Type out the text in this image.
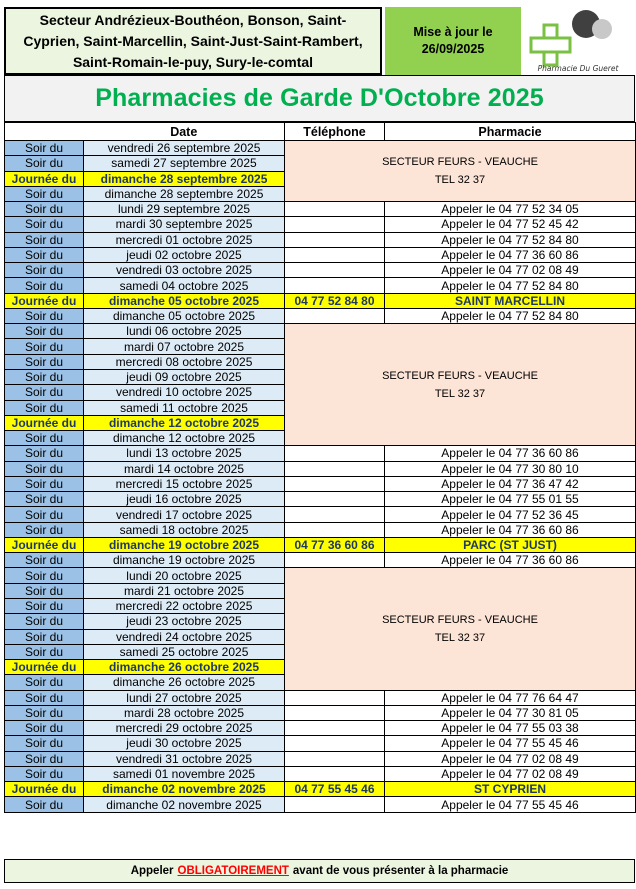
Secteur Andrézieux-Bouthéon, Bonson, Saint-
Cyprien, Saint-Marcellin, Saint-Just-Saint-Rambert,
Saint-Romain-le-puy, Sury-le-comtal
Mise à jour le
26/09/2025
Pharmacie Du Gueret
Pharmacies de Garde D'Octobre 2025
	Date	Téléphone	Pharmacie
Soir du	vendredi 26 septembre 2025	SECTEUR FEURS - VEAUCHE
TEL 32 37	

Soir du	samedi 27 septembre 2025		
Journée du	dimanche 28 septembre 2025		
Soir du	dimanche 28 septembre 2025		
Soir du	lundi 29 septembre 2025		Appeler le 04 77 52 34 05
Soir du	mardi 30 septembre 2025		Appeler le 04 77 52 45 42
Soir du	mercredi 01 octobre 2025		Appeler le 04 77 52 84 80
Soir du	jeudi 02 octobre 2025		Appeler le 04 77 36 60 86
Soir du	vendredi 03 octobre 2025		Appeler le 04 77 02 08 49
Soir du	samedi 04 octobre 2025		Appeler le 04 77 52 84 80
Journée du	dimanche 05 octobre 2025	04 77 52 84 80	SAINT MARCELLIN
Soir du	dimanche 05 octobre 2025		Appeler le 04 77 52 84 80
Soir du	lundi 06 octobre 2025	SECTEUR FEURS - VEAUCHE
TEL 32 37	

Soir du	mardi 07 octobre 2025		
Soir du	mercredi 08 octobre 2025		
Soir du	jeudi 09 octobre 2025		
Soir du	vendredi 10 octobre 2025		
Soir du	samedi 11 octobre 2025		
Journée du	dimanche 12 octobre 2025		
Soir du	dimanche 12 octobre 2025		
Soir du	lundi 13 octobre 2025		Appeler le 04 77 36 60 86
Soir du	mardi 14 octobre 2025		Appeler le 04 77 30 80 10
Soir du	mercredi 15 octobre 2025		Appeler le 04 77 36 47 42
Soir du	jeudi 16 octobre 2025		Appeler le 04 77 55 01 55
Soir du	vendredi 17 octobre 2025		Appeler le 04 77 52 36 45
Soir du	samedi 18 octobre 2025		Appeler le 04 77 36 60 86
Journée du	dimanche 19 octobre 2025	04 77 36 60 86	PARC (ST JUST)
Soir du	dimanche 19 octobre 2025		Appeler le 04 77 36 60 86
Soir du	lundi 20 octobre 2025	SECTEUR FEURS - VEAUCHE
TEL 32 37	

Soir du	mardi 21 octobre 2025		
Soir du	mercredi 22 octobre 2025		
Soir du	jeudi 23 octobre 2025		
Soir du	vendredi 24 octobre 2025		
Soir du	samedi 25 octobre 2025		
Journée du	dimanche 26 octobre 2025		
Soir du	dimanche 26 octobre 2025		
Soir du	lundi 27 octobre 2025		Appeler le 04 77 76 64 47
Soir du	mardi 28 octobre 2025		Appeler le 04 77 30 81 05
Soir du	mercredi 29 octobre 2025		Appeler le 04 77 55 03 38
Soir du	jeudi 30 octobre 2025		Appeler le 04 77 55 45 46
Soir du	vendredi 31 octobre 2025		Appeler le 04 77 02 08 49
Soir du	samedi 01 novembre 2025		Appeler le 04 77 02 08 49
Journée du	dimanche 02 novembre 2025	04 77 55 45 46	ST CYPRIEN
Soir du	dimanche 02 novembre 2025		Appeler le 04 77 55 45 46
Appeler OBLIGATOIREMENT avant de vous présenter à la pharmacie
